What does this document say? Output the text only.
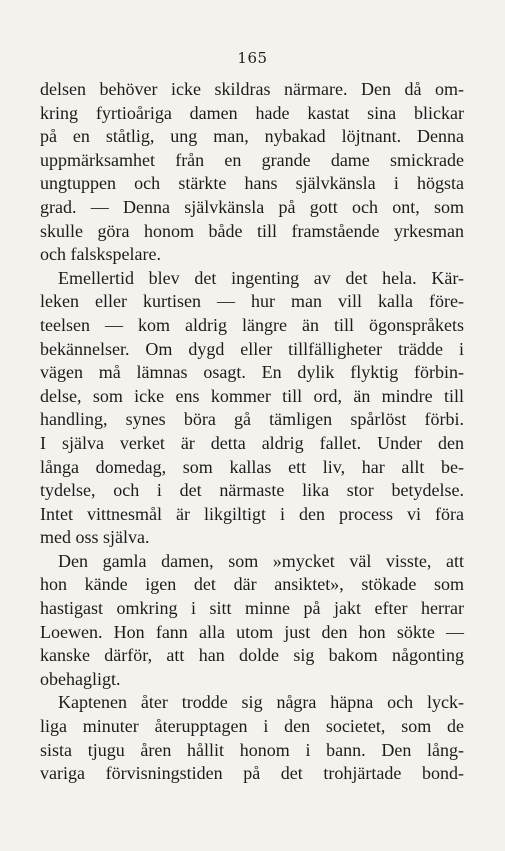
165
delsen behöver icke skildras närmare. Den då om-
kring fyrtioåriga damen hade kastat sina blickar
på en ståtlig, ung man, nybakad löjtnant. Denna
uppmärksamhet från en grande dame smickrade
ungtuppen och stärkte hans självkänsla i högsta
grad. — Denna självkänsla på gott och ont, som
skulle göra honom både till framstående yrkesman
och falskspelare.
Emellertid blev det ingenting av det hela. Kär-
leken eller kurtisen — hur man vill kalla före-
teelsen — kom aldrig längre än till ögonspråkets
bekännelser. Om dygd eller tillfälligheter trädde i
vägen må lämnas osagt. En dylik flyktig förbin-
delse, som icke ens kommer till ord, än mindre till
handling, synes böra gå tämligen spårlöst förbi.
I själva verket är detta aldrig fallet. Under den
långa domedag, som kallas ett liv, har allt be-
tydelse, och i det närmaste lika stor betydelse.
Intet vittnesmål är likgiltigt i den process vi föra
med oss själva.
Den gamla damen, som »mycket väl visste, att
hon kände igen det där ansiktet», stökade som
hastigast omkring i sitt minne på jakt efter herrar
Loewen. Hon fann alla utom just den hon sökte —
kanske därför, att han dolde sig bakom någonting
obehagligt.
Kaptenen åter trodde sig några häpna och lyck-
liga minuter återupptagen i den societet, som de
sista tjugu åren hållit honom i bann. Den lång-
variga förvisningstiden på det trohjärtade bond-
